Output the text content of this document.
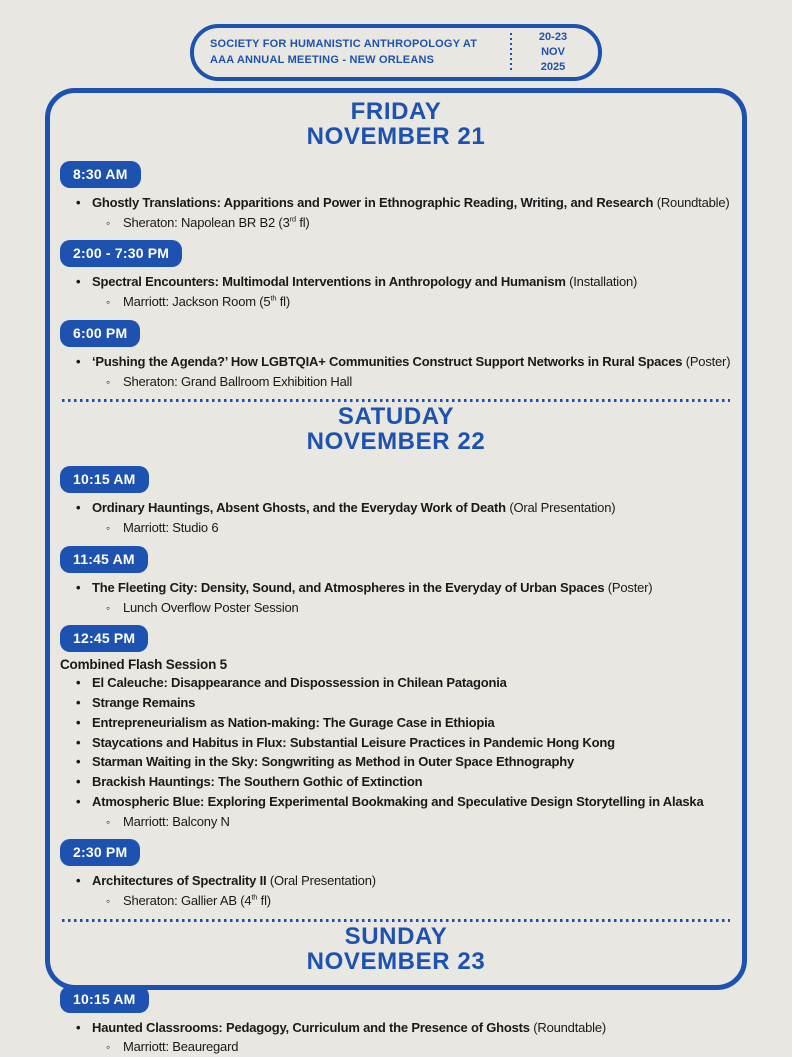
SOCIETY FOR HUMANISTIC ANTHROPOLOGY AT
AAA ANNUAL MEETING - NEW ORLEANS
20-23
NOV
2025
FRIDAY
NOVEMBER 21
8:30 AM
• Ghostly Translations: Apparitions and Power in Ethnographic Reading, Writing, and Research (Roundtable)
◦ Sheraton: Napolean BR B2 (3rd fl)
2:00 - 7:30 PM
• Spectral Encounters: Multimodal Interventions in Anthropology and Humanism (Installation)
◦ Marriott: Jackson Room (5th fl)
6:00 PM
• ‘Pushing the Agenda?’ How LGBTQIA+ Communities Construct Support Networks in Rural Spaces (Poster)
◦ Sheraton: Grand Ballroom Exhibition Hall
SATUDAY
NOVEMBER 22
10:15 AM
• Ordinary Hauntings, Absent Ghosts, and the Everyday Work of Death (Oral Presentation)
◦ Marriott: Studio 6
11:45 AM
• The Fleeting City: Density, Sound, and Atmospheres in the Everyday of Urban Spaces (Poster)
◦ Lunch Overflow Poster Session
12:45 PM
Combined Flash Session 5
• El Caleuche: Disappearance and Dispossession in Chilean Patagonia
• Strange Remains
• Entrepreneurialism as Nation-making: The Gurage Case in Ethiopia
• Staycations and Habitus in Flux: Substantial Leisure Practices in Pandemic Hong Kong
• Starman Waiting in the Sky: Songwriting as Method in Outer Space Ethnography
• Brackish Hauntings: The Southern Gothic of Extinction
• Atmospheric Blue: Exploring Experimental Bookmaking and Speculative Design Storytelling in Alaska
◦ Marriott: Balcony N
2:30 PM
• Architectures of Spectrality II (Oral Presentation)
◦ Sheraton: Gallier AB (4th fl)
SUNDAY
NOVEMBER 23
10:15 AM
• Haunted Classrooms: Pedagogy, Curriculum and the Presence of Ghosts (Roundtable)
◦ Marriott: Beauregard
